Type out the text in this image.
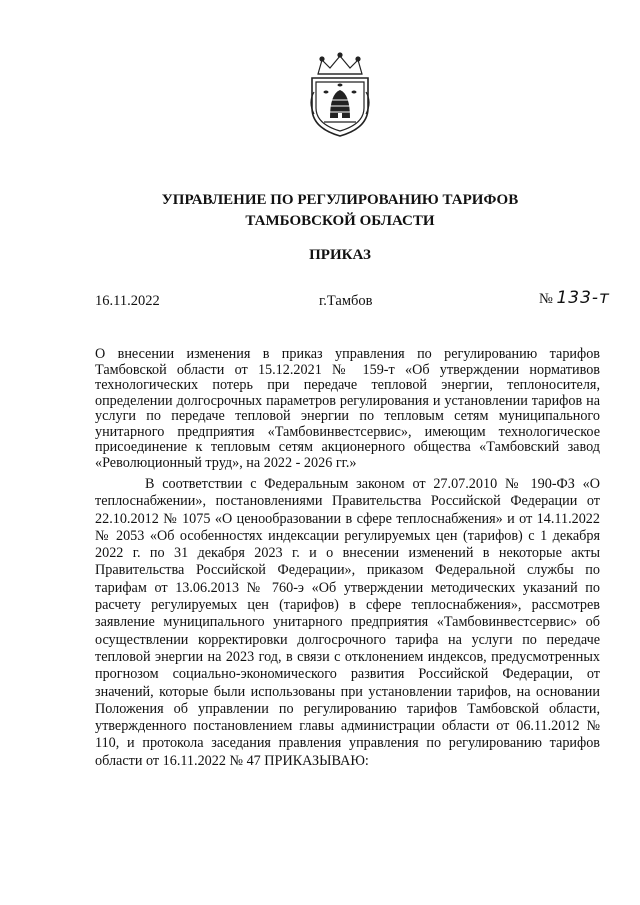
УПРАВЛЕНИЕ ПО РЕГУЛИРОВАНИЮ ТАРИФОВ
ТАМБОВСКОЙ ОБЛАСТИ
ПРИКАЗ
16.11.2022	г.Тамбов	№ 133-т
О внесении изменения в приказ управления по регулированию тарифов Тамбовской области от 15.12.2021 № 159-т «Об утверждении нормативов технологических потерь при передаче тепловой энергии, теплоносителя, определении долгосрочных параметров регулирования и установлении тарифов на услуги по передаче тепловой энергии по тепловым сетям муниципального унитарного предприятия «Тамбовинвестсервис», имеющим технологическое присоединение к тепловым сетям акционерного общества «Тамбовский завод «Революционный труд», на 2022 - 2026 гг.»
В соответствии с Федеральным законом от 27.07.2010 № 190-ФЗ «О теплоснабжении», постановлениями Правительства Российской Федерации от 22.10.2012 № 1075 «О ценообразовании в сфере теплоснабжения» и от 14.11.2022 № 2053 «Об особенностях индексации регулируемых цен (тарифов) с 1 декабря 2022 г. по 31 декабря 2023 г. и о внесении изменений в некоторые акты Правительства Российской Федерации», приказом Федеральной службы по тарифам от 13.06.2013 № 760-э «Об утверждении методических указаний по расчету регулируемых цен (тарифов) в сфере теплоснабжения», рассмотрев заявление муниципального унитарного предприятия «Тамбовинвестсервис» об осуществлении корректировки долгосрочного тарифа на услуги по передаче тепловой энергии на 2023 год, в связи с отклонением индексов, предусмотренных прогнозом социально-экономического развития Российской Федерации, от значений, которые были использованы при установлении тарифов, на основании Положения об управлении по регулированию тарифов Тамбовской области, утвержденного постановлением главы администрации области от 06.11.2012 № 110, и протокола заседания правления управления по регулированию тарифов области от 16.11.2022 № 47 ПРИКАЗЫВАЮ:
